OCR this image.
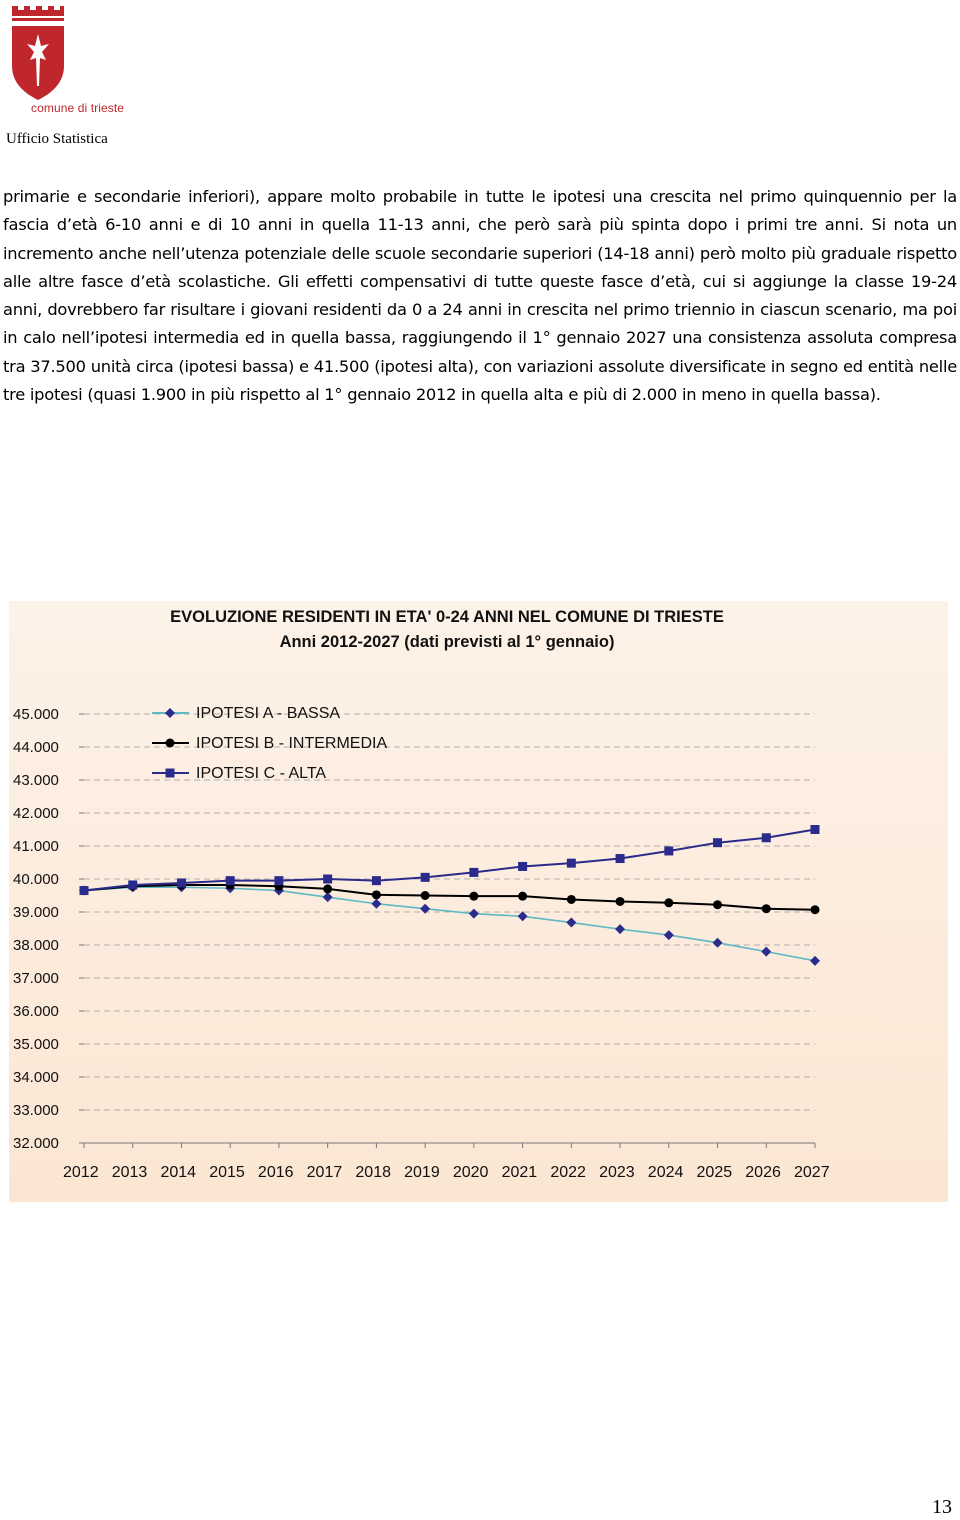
comune di trieste
Ufficio Statistica
primarie e secondarie inferiori), appare molto probabile in tutte le ipotesi una crescita nel primo quinquennio per la fascia d’età 6-10 anni e di 10 anni in quella 11-13 anni, che però sarà più spinta dopo i primi tre anni. Si nota un incremento anche nell’utenza potenziale delle scuole secondarie superiori (14-18 anni) però molto più graduale rispetto alle altre fasce d’età scolastiche. Gli effetti compensativi di tutte queste fasce d’età, cui si aggiunge la classe 19-24 anni, dovrebbero far risultare i giovani residenti da 0 a 24 anni in crescita nel primo triennio in ciascun scenario, ma poi in calo nell’ipotesi intermedia ed in quella bassa, raggiungendo il 1° gennaio 2027 una consistenza assoluta compresa tra 37.500 unità circa (ipotesi bassa) e 41.500 (ipotesi alta), con variazioni assolute diversificate in segno ed entità nelle tre ipotesi (quasi 1.900 in più rispetto al 1° gennaio 2012 in quella alta e più di 2.000 in meno in quella bassa).
EVOLUZIONE RESIDENTI IN ETA' 0-24 ANNI NEL COMUNE DI TRIESTE
Anni 2012-2027 (dati previsti al 1° gennaio)
32.000
33.000
34.000
35.000
36.000
37.000
38.000
39.000
40.000
41.000
42.000
43.000
44.000
45.000
2012 2013 2014 2015 2016 2017 2018 2019 2020 2021 2022 2023 2024 2025 2026 2027
IPOTESI A - BASSA
IPOTESI B - INTERMEDIA
IPOTESI C - ALTA
13
